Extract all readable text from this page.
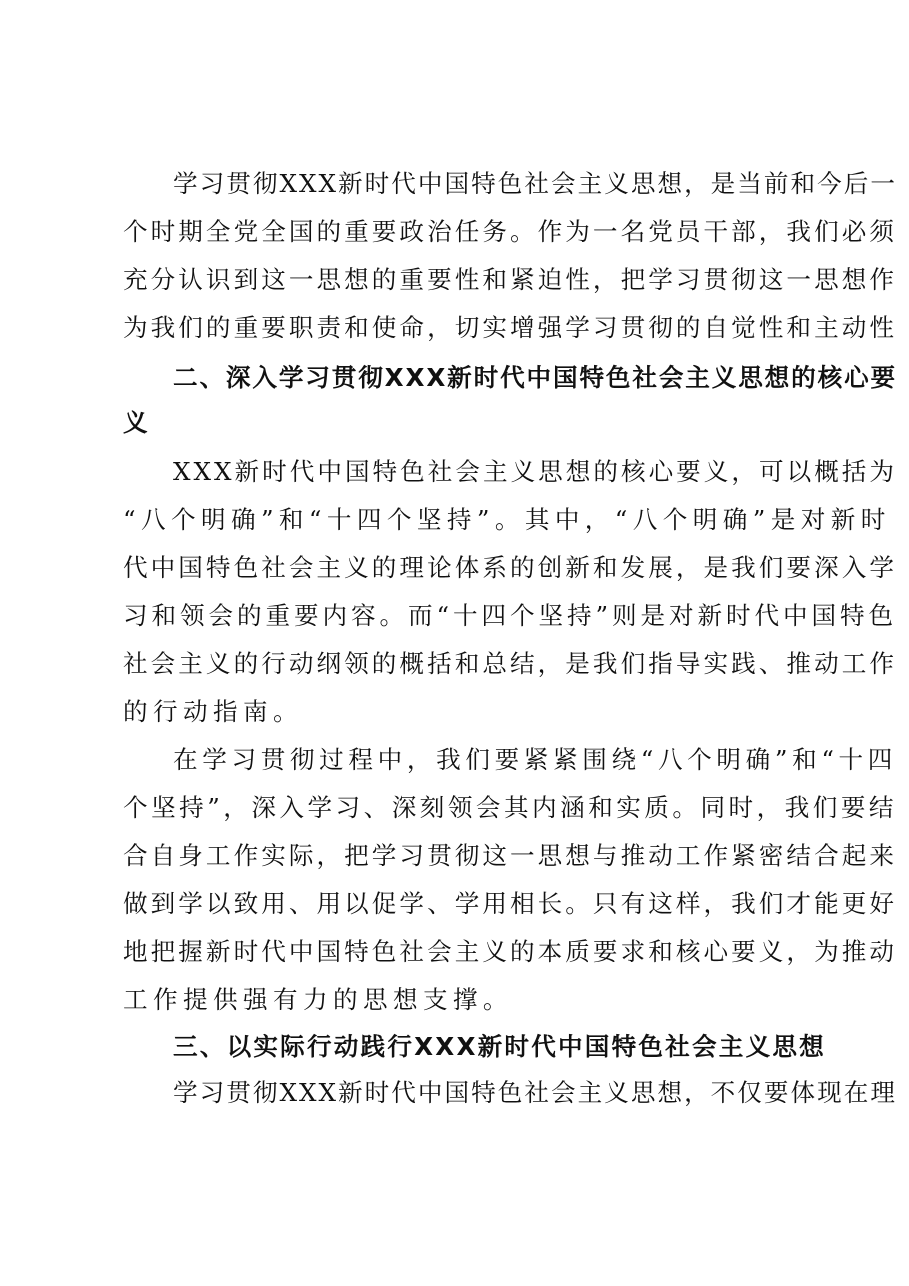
学习贯彻XXX新时代中国特色社会主义思想，是当前和今后一
个时期全党全国的重要政治任务。作为一名党员干部，我们必须
充分认识到这一思想的重要性和紧迫性，把学习贯彻这一思想作
为我们的重要职责和使命，切实增强学习贯彻的自觉性和主动性
二、深入学习贯彻XXX新时代中国特色社会主义思想的核心要
义
XXX新时代中国特色社会主义思想的核心要义，可以概括为
“八个明确”和“十四个坚持”。其中，“八个明确”是对新时
代中国特色社会主义的理论体系的创新和发展，是我们要深入学
习和领会的重要内容。而“十四个坚持”则是对新时代中国特色
社会主义的行动纲领的概括和总结，是我们指导实践、推动工作
的行动指南。
在学习贯彻过程中，我们要紧紧围绕“八个明确”和“十四
个坚持”，深入学习、深刻领会其内涵和实质。同时，我们要结
合自身工作实际，把学习贯彻这一思想与推动工作紧密结合起来
做到学以致用、用以促学、学用相长。只有这样，我们才能更好
地把握新时代中国特色社会主义的本质要求和核心要义，为推动
工作提供强有力的思想支撑。
三、以实际行动践行XXX新时代中国特色社会主义思想
学习贯彻XXX新时代中国特色社会主义思想，不仅要体现在理
